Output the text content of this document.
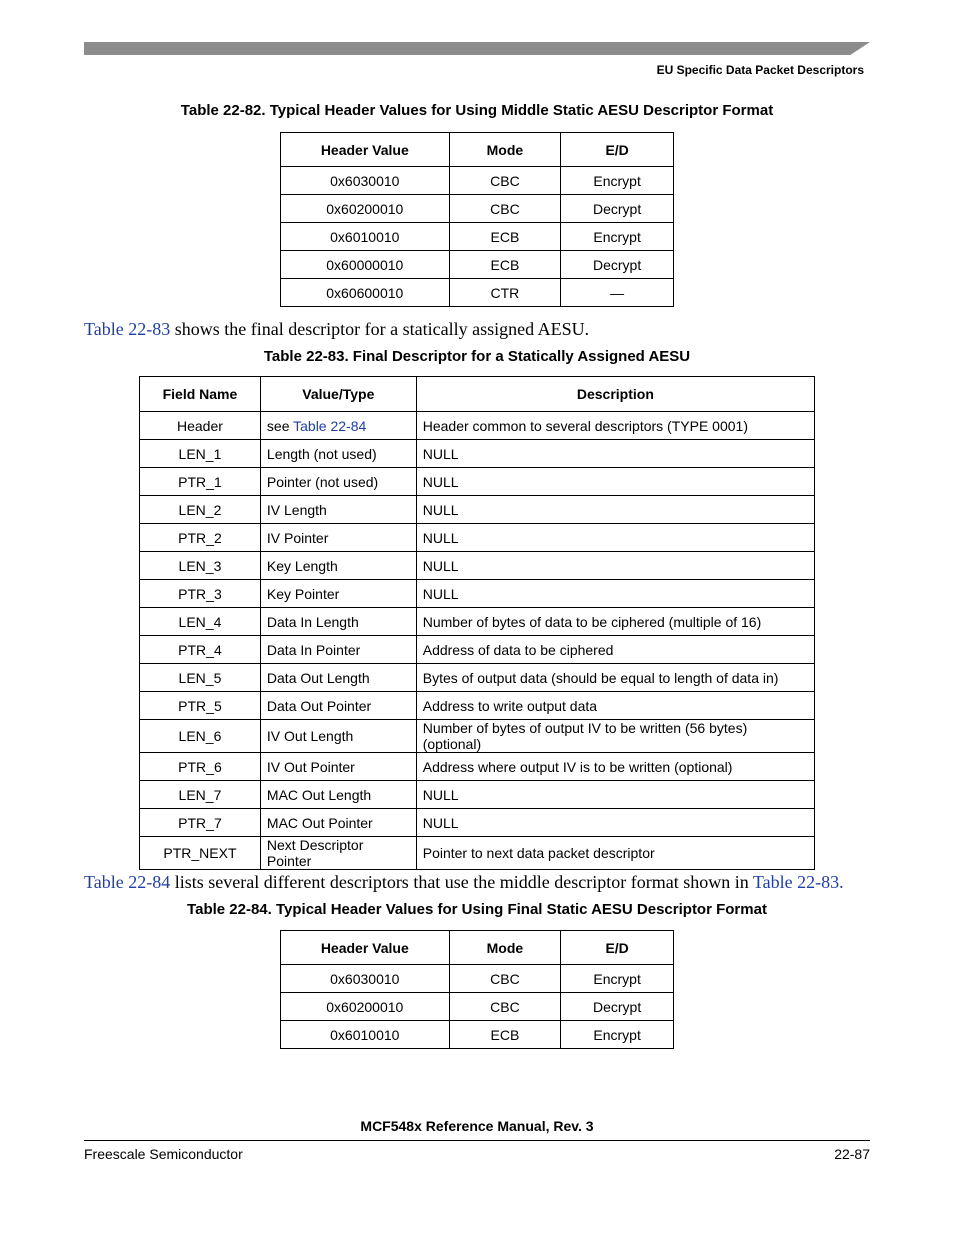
EU Specific Data Packet Descriptors
Table 22-82. Typical Header Values for Using Middle Static AESU Descriptor Format
Header Value	Mode	E/D
0x6030010	CBC	Encrypt
0x60200010	CBC	Decrypt
0x6010010	ECB	Encrypt
0x60000010	ECB	Decrypt
0x60600010	CTR	—
Table 22-83 shows the final descriptor for a statically assigned AESU.
Table 22-83. Final Descriptor for a Statically Assigned AESU
Field Name	Value/Type	Description
Header	see Table 22-84	Header common to several descriptors (TYPE 0001)
LEN_1	Length (not used)	NULL
PTR_1	Pointer (not used)	NULL
LEN_2	IV Length	NULL
PTR_2	IV Pointer	NULL
LEN_3	Key Length	NULL
PTR_3	Key Pointer	NULL
LEN_4	Data In Length	Number of bytes of data to be ciphered (multiple of 16)
PTR_4	Data In Pointer	Address of data to be ciphered
LEN_5	Data Out Length	Bytes of output data (should be equal to length of data in)
PTR_5	Data Out Pointer	Address to write output data
LEN_6	IV Out Length	Number of bytes of output IV to be written (56 bytes) (optional)
PTR_6	IV Out Pointer	Address where output IV is to be written (optional)
LEN_7	MAC Out Length	NULL
PTR_7	MAC Out Pointer	NULL
PTR_NEXT	Next Descriptor Pointer	Pointer to next data packet descriptor
Table 22-84 lists several different descriptors that use the middle descriptor format shown in Table 22-83.
Table 22-84. Typical Header Values for Using Final Static AESU Descriptor Format
Header Value	Mode	E/D
0x6030010	CBC	Encrypt
0x60200010	CBC	Decrypt
0x6010010	ECB	Encrypt
MCF548x Reference Manual, Rev. 3
Freescale Semiconductor	22-87
